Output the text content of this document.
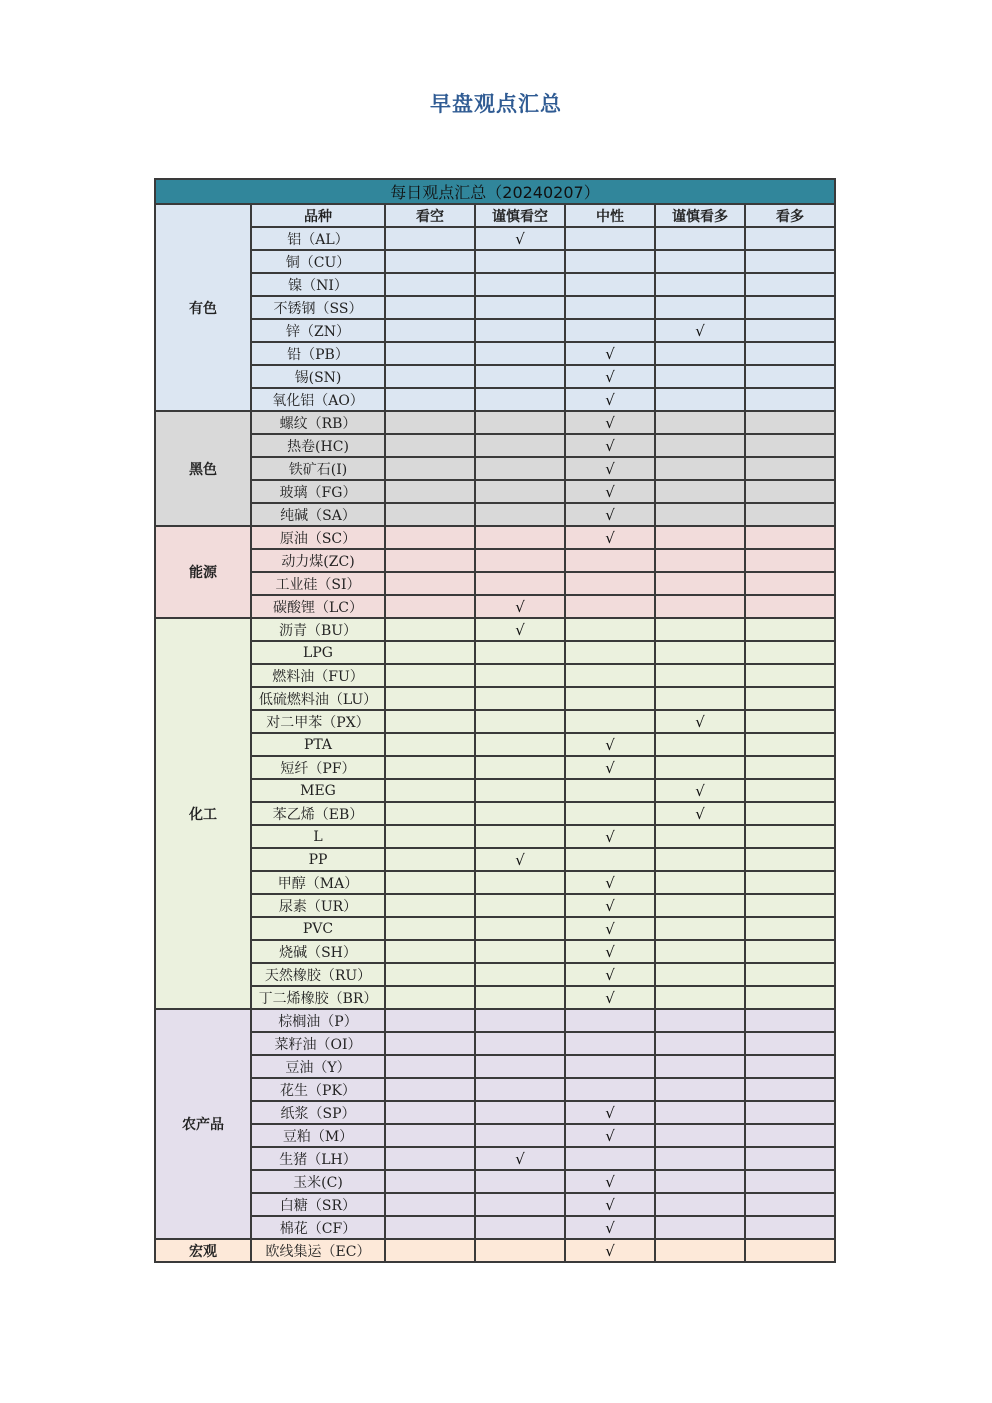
早盘观点汇总
每日观点汇总（20240207）						
有色	品种	看空	谨慎看空	中性	谨慎看多	看多
	铝（AL）		√			
	铜（CU）					
	镍（NI）					
	不锈钢（SS）					
	锌（ZN）				√	
	铅（PB）			√		
	锡(SN)			√		
	氧化铝（AO）			√		
黑色	螺纹（RB）			√		
	热卷(HC)			√		
	铁矿石(I)			√		
	玻璃（FG）			√		
	纯碱（SA）			√		
能源	原油（SC）			√		
	动力煤(ZC)					
	工业硅（SI）					
	碳酸锂（LC）		√			
化工	沥青（BU）		√			
	LPG					
	燃料油（FU）					
	低硫燃料油（LU）					
	对二甲苯（PX）				√	
	PTA			√		
	短纤（PF）			√		
	MEG				√	
	苯乙烯（EB）				√	
	L			√		
	PP		√			
	甲醇（MA）			√		
	尿素（UR）			√		
	PVC			√		
	烧碱（SH）			√		
	天然橡胶（RU）			√		
	丁二烯橡胶（BR）			√		
农产品	棕榈油（P）					
	菜籽油（OI）					
	豆油（Y）					
	花生（PK）					
	纸浆（SP）			√		
	豆粕（M）			√		
	生猪（LH）		√			
	玉米(C)			√		
	白糖（SR）			√		
	棉花（CF）			√		
宏观	欧线集运（EC）			√		
